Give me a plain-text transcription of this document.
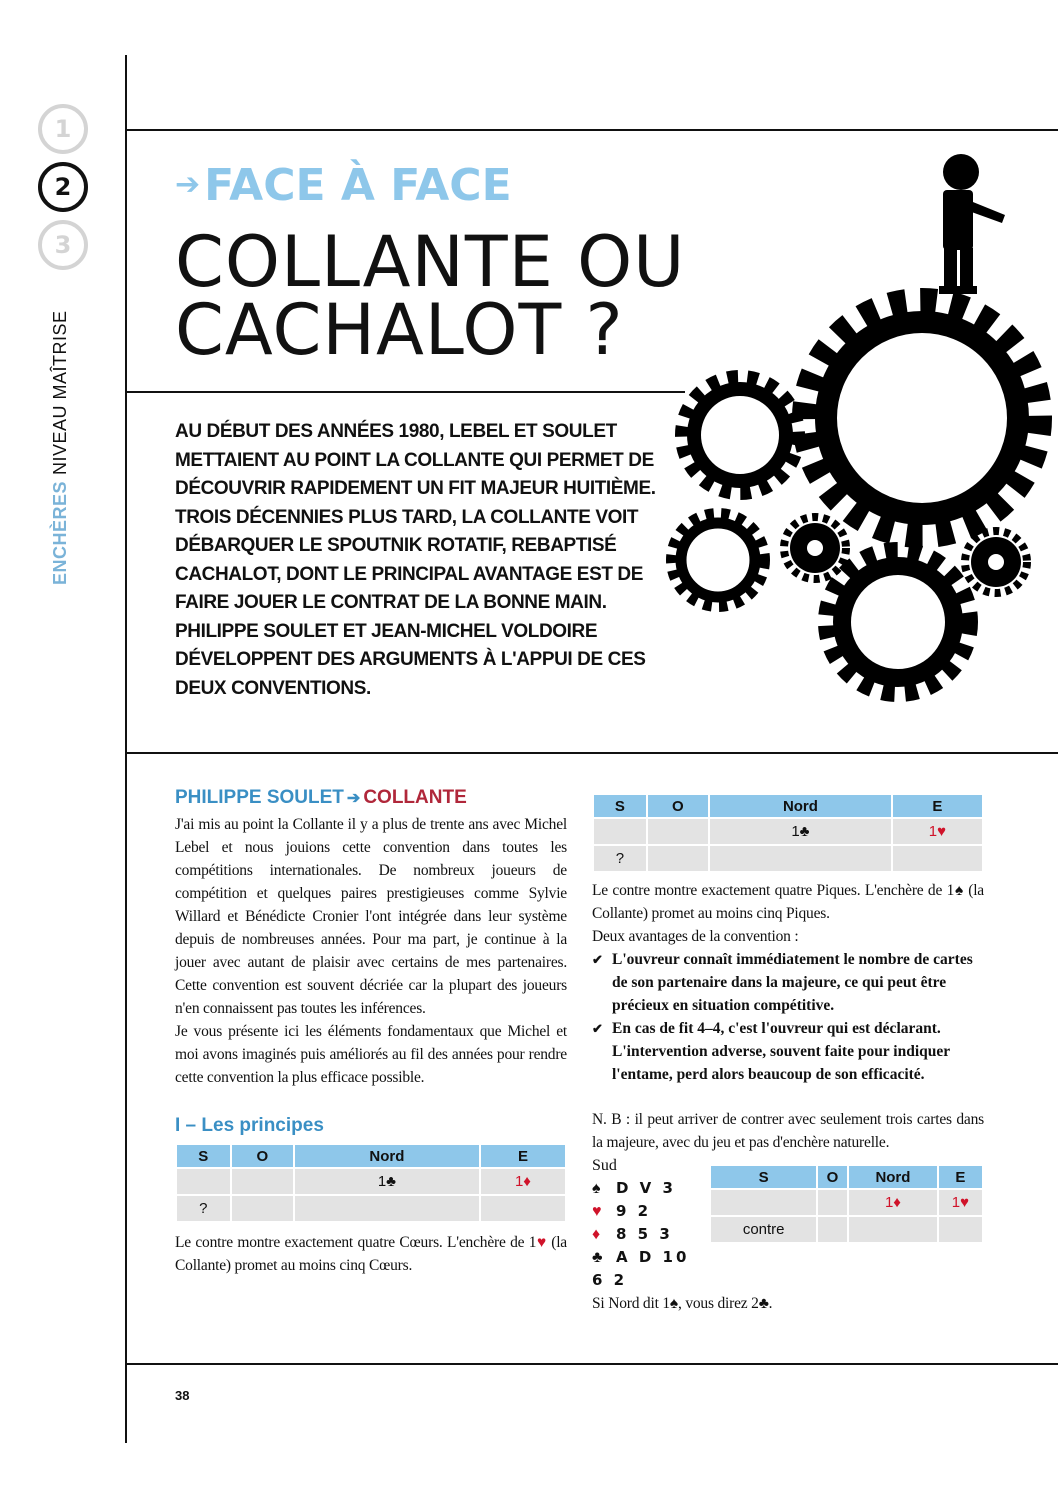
1
2
3
ENCHÈRES
NIVEAU MAÎTRISE
➔FACE À FACE
COLLANTE OU
CACHALOT ?
AU DÉBUT DES ANNÉES 1980, LEBEL ET SOULET METTAIENT AU POINT LA COLLANTE QUI PERMET DE DÉCOUVRIR RAPIDEMENT UN FIT MAJEUR HUITIÈME. TROIS DÉCENNIES PLUS TARD, LA COLLANTE VOIT DÉBARQUER LE SPOUTNIK ROTATIF, REBAPTISÉ CACHALOT, DONT LE PRINCIPAL AVANTAGE EST DE FAIRE JOUER LE CONTRAT DE LA BONNE MAIN. PHILIPPE SOULET ET JEAN-MICHEL VOLDOIRE DÉVELOPPENT DES ARGUMENTS À L'APPUI DE CES DEUX CONVENTIONS.
PHILIPPE SOULET ➔ COLLANTE

J'ai mis au point la Collante il y a plus de trente ans avec Michel Lebel et nous jouions cette convention dans toutes les compétitions internationales. De nombreux joueurs de compétition et quelques paires prestigieuses comme Sylvie Willard et Bénédicte Cronier l'ont intégrée dans leur système depuis de nombreuses années. Pour ma part, je continue à la jouer avec autant de plaisir avec certains de mes partenaires. Cette convention est souvent décriée car la plupart des joueurs n'en connaissent pas toutes les inférences.

Je vous présente ici les éléments fondamentaux que Michel et moi avons imaginés puis améliorés au fil des années pour rendre cette convention la plus efficace possible.

I – Les principes
S	O	Nord	E
		1♣	1♦
?			
Le contre montre exactement quatre Cœurs. L'enchère de 1♥ (la Collante) promet au moins cinq Cœurs.
S	O	Nord	E
		1♣	1♥
?			

Le contre montre exactement quatre Piques. L'enchère de 1♠ (la Collante) promet au moins cinq Piques.

Deux avantages de la convention :

✔ L'ouvreur connaît immédiatement le nombre de cartes de son partenaire dans la majeure, ce qui peut être précieux en situation compétitive.
✔ En cas de fit 4–4, c'est l'ouvreur qui est déclarant. L'intervention adverse, souvent faite pour indiquer l'entame, perd alors beaucoup de son efficacité.
N. B : il peut arriver de contrer avec seulement trois cartes dans la majeure, avec du jeu et pas d'enchère naturelle.
Sud
♠ D V 3
♥ 9 2
♦ 8 5 3
♣ A D 10 6 2
S	O	Nord	E
		1♦	1♥
contre			
Si Nord dit 1♠, vous direz 2♣.
38
